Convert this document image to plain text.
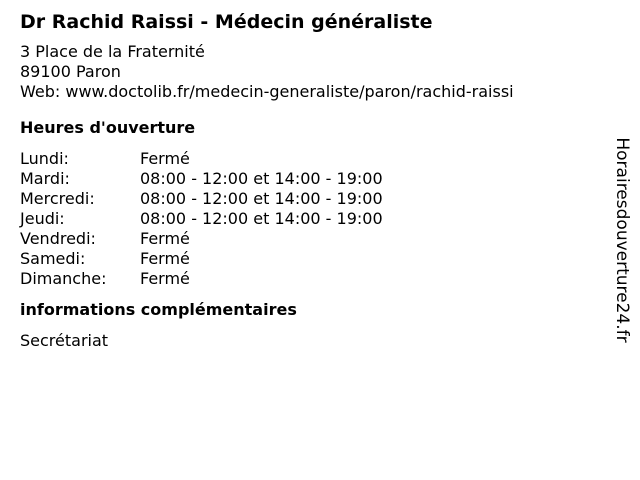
Dr Rachid Raissi - Médecin généraliste
3 Place de la Fraternité
89100 Paron
Web: www.doctolib.fr/medecin-generaliste/paron/rachid-raissi
Heures d'ouverture
Lundi:	Fermé
Mardi:	08:00 - 12:00 et 14:00 - 19:00
Mercredi:	08:00 - 12:00 et 14:00 - 19:00
Jeudi:	08:00 - 12:00 et 14:00 - 19:00
Vendredi:	Fermé
Samedi:	Fermé
Dimanche:	Fermé
informations complémentaires
Secrétariat	Horairesdouverture24.fr
